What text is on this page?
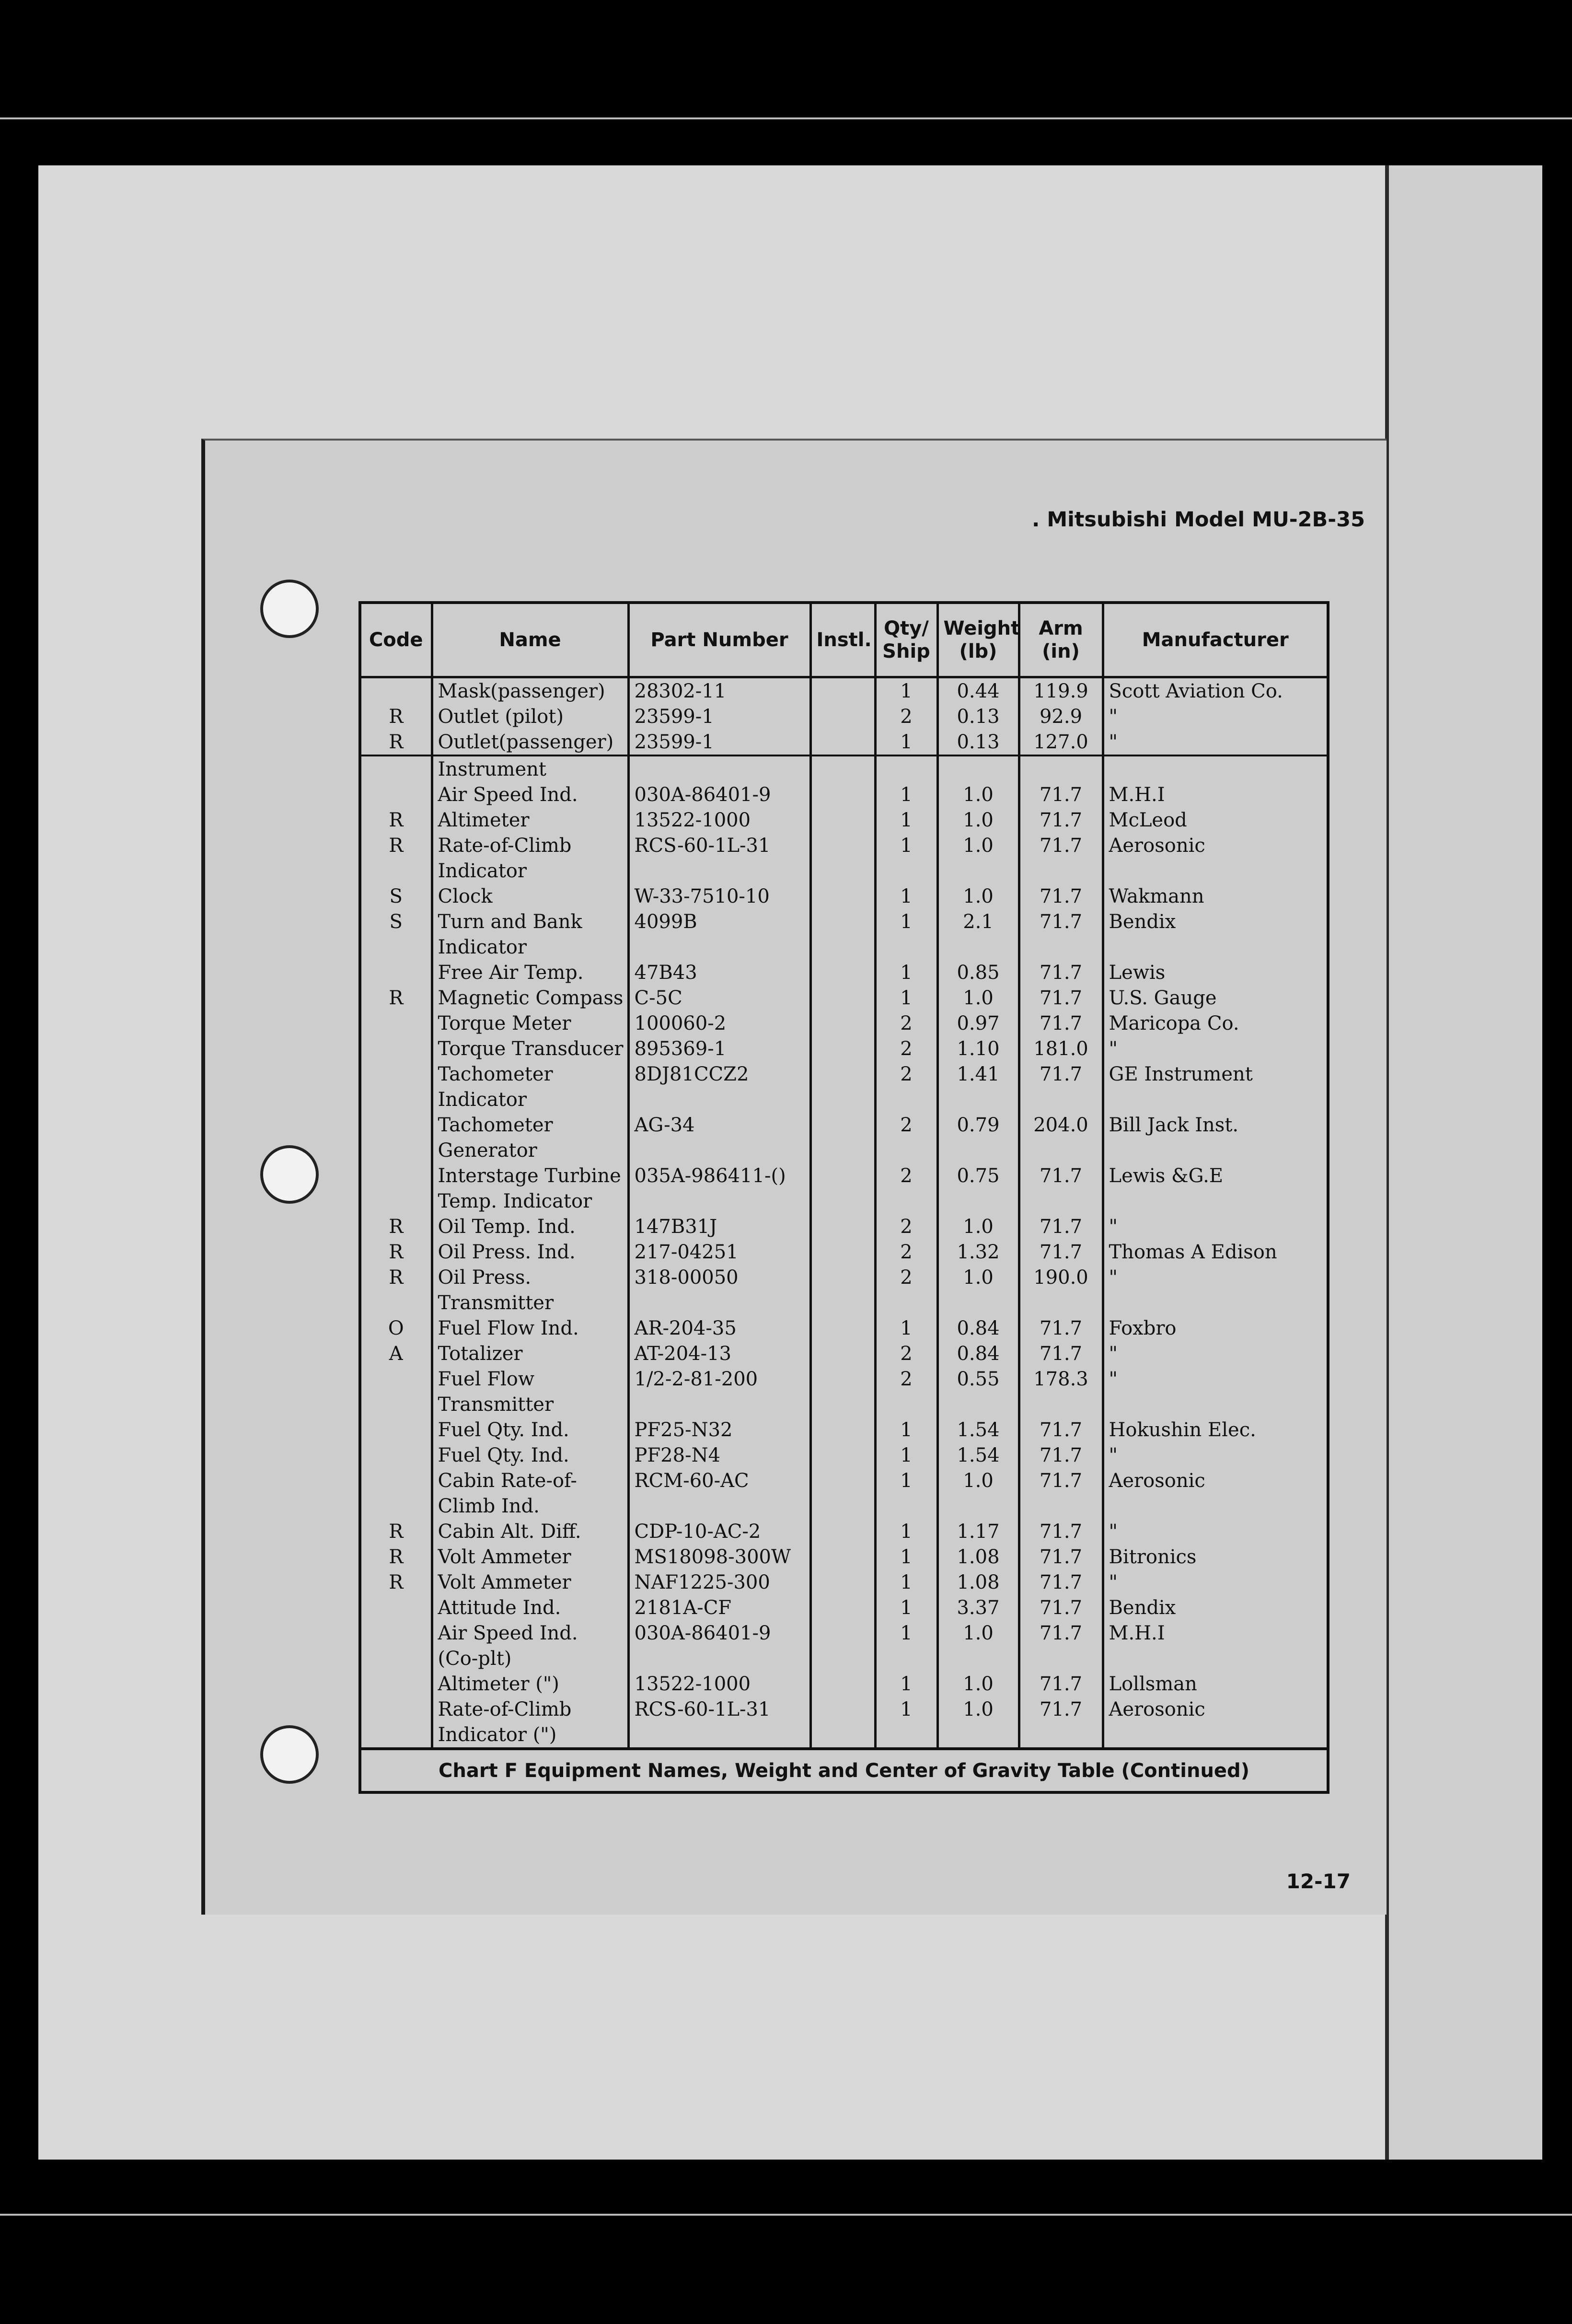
. Mitsubishi Model MU-2B-35
Code	Name	Part Number	Instl.	Qty/ Ship	Weight (lb)	Arm (in)	Manufacturer
	Mask(passenger)	28302-11		1	0.44	119.9	Scott Aviation Co.
R	Outlet (pilot)	23599-1		2	0.13	92.9	"
R	Outlet(passenger)	23599-1		1	0.13	127.0	"
	Instrument						
	Air Speed Ind.	030A-86401-9		1	1.0	71.7	M.H.I
R	Altimeter	13522-1000		1	1.0	71.7	McLeod
R	Rate-of-Climb	RCS-60-1L-31		1	1.0	71.7	Aerosonic
	Indicator						
S	Clock	W-33-7510-10		1	1.0	71.7	Wakmann
S	Turn and Bank	4099B		1	2.1	71.7	Bendix
	Indicator						
	Free Air Temp.	47B43		1	0.85	71.7	Lewis
R	Magnetic Compass	C-5C		1	1.0	71.7	U.S. Gauge
	Torque Meter	100060-2		2	0.97	71.7	Maricopa Co.
	Torque Transducer	895369-1		2	1.10	181.0	"
	Tachometer	8DJ81CCZ2		2	1.41	71.7	GE Instrument
	Indicator						
	Tachometer	AG-34		2	0.79	204.0	Bill Jack Inst.
	Generator						
	Interstage Turbine	035A-986411-()		2	0.75	71.7	Lewis &G.E
	Temp. Indicator						
R	Oil Temp. Ind.	147B31J		2	1.0	71.7	"
R	Oil Press. Ind.	217-04251		2	1.32	71.7	Thomas A Edison
R	Oil Press.	318-00050		2	1.0	190.0	"
	Transmitter						
O	Fuel Flow Ind.	AR-204-35		1	0.84	71.7	Foxbro
A	Totalizer	AT-204-13		2	0.84	71.7	"
	Fuel Flow	1/2-2-81-200		2	0.55	178.3	"
	Transmitter						
	Fuel Qty. Ind.	PF25-N32		1	1.54	71.7	Hokushin Elec.
	Fuel Qty. Ind.	PF28-N4		1	1.54	71.7	"
	Cabin Rate-of-	RCM-60-AC		1	1.0	71.7	Aerosonic
	Climb Ind.						
R	Cabin Alt. Diff.	CDP-10-AC-2		1	1.17	71.7	"
R	Volt Ammeter	MS18098-300W		1	1.08	71.7	Bitronics
R	Volt Ammeter	NAF1225-300		1	1.08	71.7	"
	Attitude Ind.	2181A-CF		1	3.37	71.7	Bendix
	Air Speed Ind.	030A-86401-9		1	1.0	71.7	M.H.I
	(Co-plt)						
	Altimeter (")	13522-1000		1	1.0	71.7	Lollsman
	Rate-of-Climb	RCS-60-1L-31		1	1.0	71.7	Aerosonic
	Indicator (")						
Chart F Equipment Names, Weight and Center of Gravity Table (Continued)							
12-17
